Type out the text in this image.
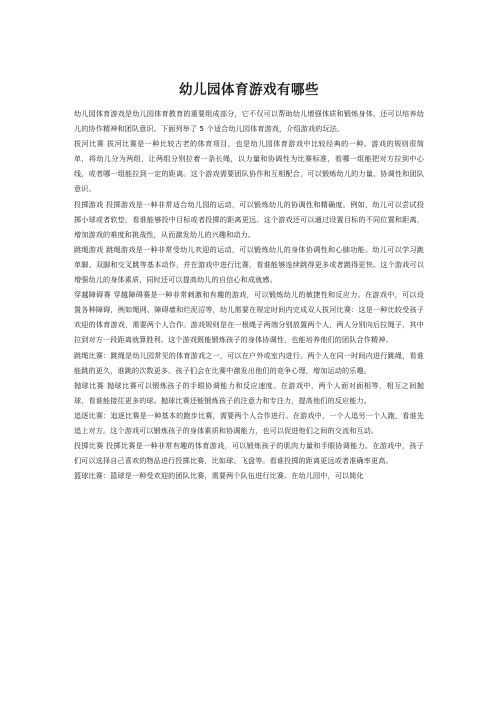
幼儿园体育游戏有哪些

幼儿园体育游戏是幼儿园体育教育的重要组成部分，它不仅可以帮助幼儿增强体质和锻炼身体，还可以培养幼儿的协作精神和团队意识。下面列举了 5 个适合幼儿园体育游戏，介绍游戏的玩法。

拔河比赛 拔河比赛是一种比较古老的体育项目，也是幼儿园体育游戏中比较经典的一种。游戏的规则很简单，将幼儿分为两组，让两组分别拉着一条长绳，以力量和协调性为比赛标准，看哪一组能把对方拉到中心线，或者哪一组能拉到一定的距离。这个游戏需要团队协作和互相配合，可以锻炼幼儿的力量、协调性和团队意识。

投掷游戏 投掷游戏是一种非常适合幼儿园的运动，可以锻炼幼儿的协调性和精确度。例如，幼儿可以尝试投掷小球或者软垫，看谁能够投中目标或者投掷的距离更远。这个游戏还可以通过设置目标的不同位置和距离，增加游戏的难度和挑战性，从而激发幼儿的兴趣和动力。

跳绳游戏 跳绳游戏是一种非常受幼儿欢迎的运动，可以锻炼幼儿的身体协调性和心肺功能。幼儿可以学习跳单脚、双脚和交叉跳等基本动作，并在游戏中进行比赛，看谁能够连续跳得更多或者跳得更快。这个游戏可以增强幼儿的身体素质，同时还可以提高幼儿的自信心和成就感。

穿越障碍赛 穿越障碍赛是一种非常刺激和有趣的游戏，可以锻炼幼儿的敏捷性和反应力。在游戏中，可以设置各种障碍，例如绳网、障碍墙和烂泥沼等，幼儿需要在规定时间内完成双人拔河比赛：这是一种比较受孩子欢迎的体育游戏，需要两个人合作。游戏规则是在一根绳子两端分别放置两个人，两人分别向后拉绳子，其中拉到对方一段距离就算胜利。这个游戏既能锻炼孩子的身体协调性，也能培养他们的团队合作精神。

跳绳比赛：跳绳是幼儿园常见的体育游戏之一，可以在户外或室内进行。两个人在同一时间内进行跳绳，看谁能跳的更久，谁跳的次数更多。孩子们会在比赛中激发出他们的竞争心理，增加运动的乐趣。

抛球比赛 抛球比赛可以锻炼孩子的手眼协调能力和反应速度。在游戏中，两个人面对面相等，相互之间抛球，看谁能接住更多的球。抛球比赛还能锻炼孩子的注意力和专注力，提高他们的反应能力。

追逐比赛：追逐比赛是一种基本的跑步比赛，需要两个人合作进行。在游戏中，一个人追另一个人跑，看谁先追上对方。这个游戏可以锻炼孩子的身体素质和协调能力，也可以促进他们之间的交流和互动。

投掷比赛 投掷比赛是一种非常有趣的体育游戏，可以锻炼孩子的肌肉力量和手眼协调能力。在游戏中，孩子们可以选择自己喜欢的物品进行投掷比赛，比如球、飞盘等。看谁投掷的距离更远或者准确率更高。

篮球比赛：篮球是一种受欢迎的团队比赛，需要两个队伍进行比赛。在幼儿园中，可以简化
